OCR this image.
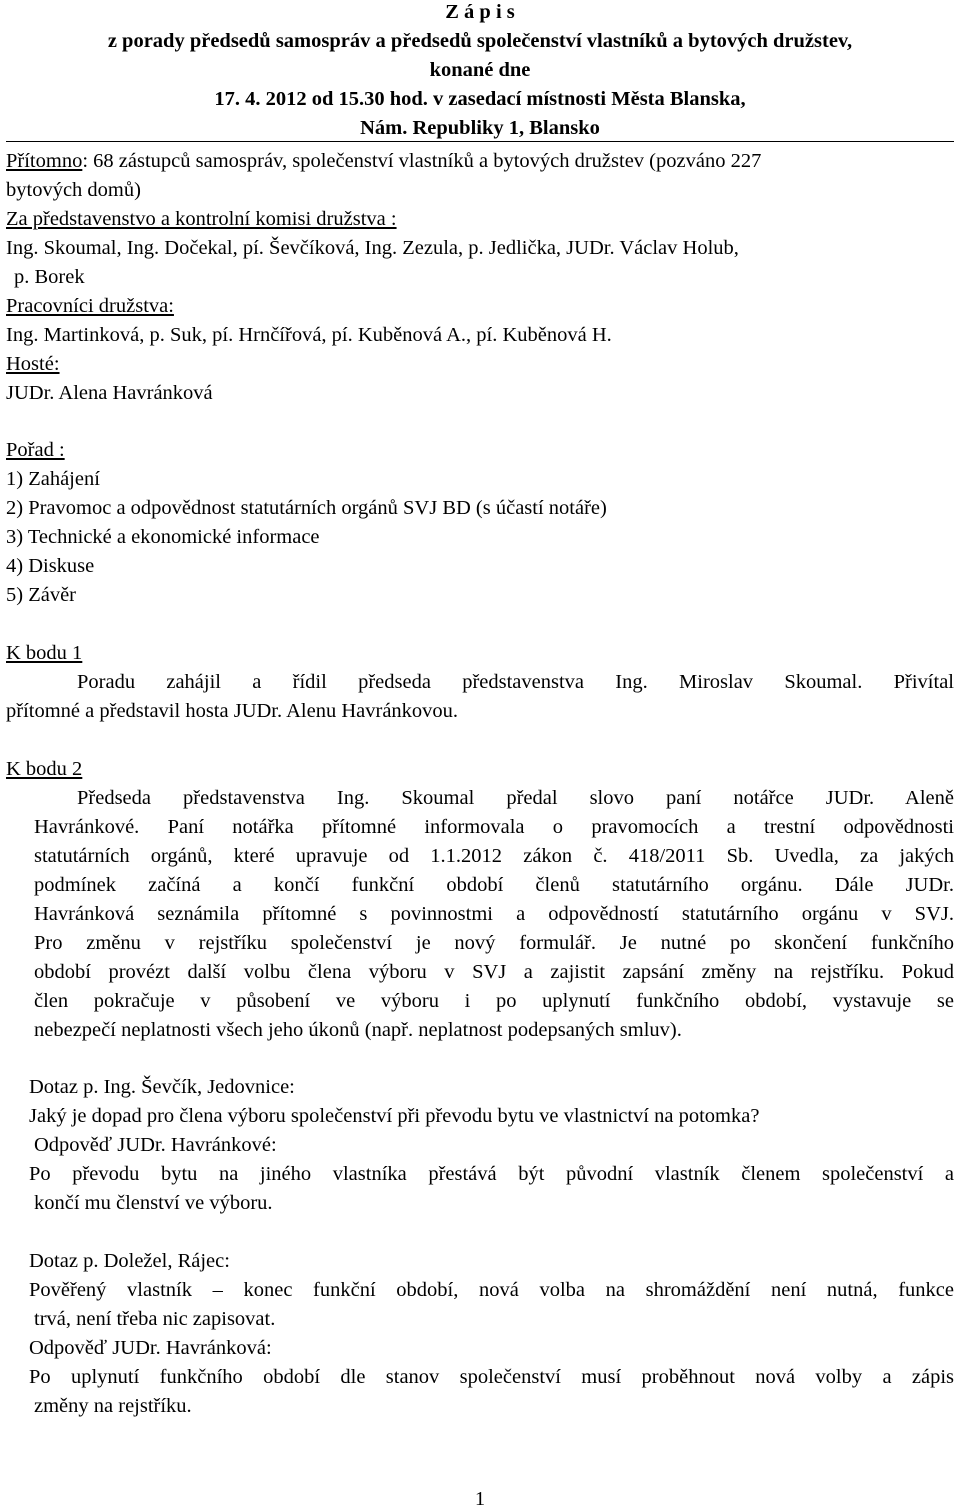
Z á p i s
z porady předsedů samospráv a předsedů společenství vlastníků a bytových družstev,
konané dne
17. 4. 2012 od 15.30 hod. v zasedací místnosti Města Blanska,
Nám. Republiky 1, Blansko
Přítomno: 68 zástupců samospráv, společenství vlastníků a bytových družstev (pozváno 227
bytových domů)
Za představenstvo a kontrolní komisi družstva :
Ing. Skoumal, Ing. Dočekal, pí. Ševčíková, Ing. Zezula, p. Jedlička, JUDr. Václav Holub,
p. Borek
Pracovníci družstva:
Ing. Martinková, p. Suk, pí. Hrnčířová, pí. Kuběnová A., pí. Kuběnová H.
Hosté:
JUDr. Alena Havránková
Pořad :
1) Zahájení
2) Pravomoc a odpovědnost statutárních orgánů SVJ BD (s účastí notáře)
3) Technické a ekonomické informace
4) Diskuse
5) Závěr
K bodu 1
Poradu zahájil a řídil předseda představenstva Ing. Miroslav Skoumal. Přivítal
přítomné a představil hosta JUDr. Alenu Havránkovou.
K bodu 2
Předseda představenstva Ing. Skoumal předal slovo paní notářce JUDr. Aleně
Havránkové. Paní notářka přítomné informovala o pravomocích a trestní odpovědnosti
statutárních orgánů, které upravuje od 1.1.2012 zákon č. 418/2011 Sb. Uvedla, za jakých
podmínek začíná a končí funkční období členů statutárního orgánu. Dále JUDr.
Havránková seznámila přítomné s povinnostmi a odpovědností statutárního orgánu v SVJ.
Pro změnu v rejstříku společenství je nový formulář. Je nutné po skončení funkčního
období provézt další volbu člena výboru v SVJ a zajistit zapsání změny na rejstříku. Pokud
člen pokračuje v působení ve výboru i po uplynutí funkčního období, vystavuje se
nebezpečí neplatnosti všech jeho úkonů (např. neplatnost podepsaných smluv).
Dotaz p. Ing. Ševčík, Jedovnice:
Jaký je dopad pro člena výboru společenství při převodu bytu ve vlastnictví na potomka?
Odpověď JUDr. Havránkové:
Po převodu bytu na jiného vlastníka přestává být původní vlastník členem společenství a
končí mu členství ve výboru.
Dotaz p. Doležel, Rájec:
Pověřený vlastník – konec funkční období, nová volba na shromáždění není nutná, funkce
trvá, není třeba nic zapisovat.
Odpověď JUDr. Havránková:
Po uplynutí funkčního období dle stanov společenství musí proběhnout nová volby a zápis
změny na rejstříku.
1
